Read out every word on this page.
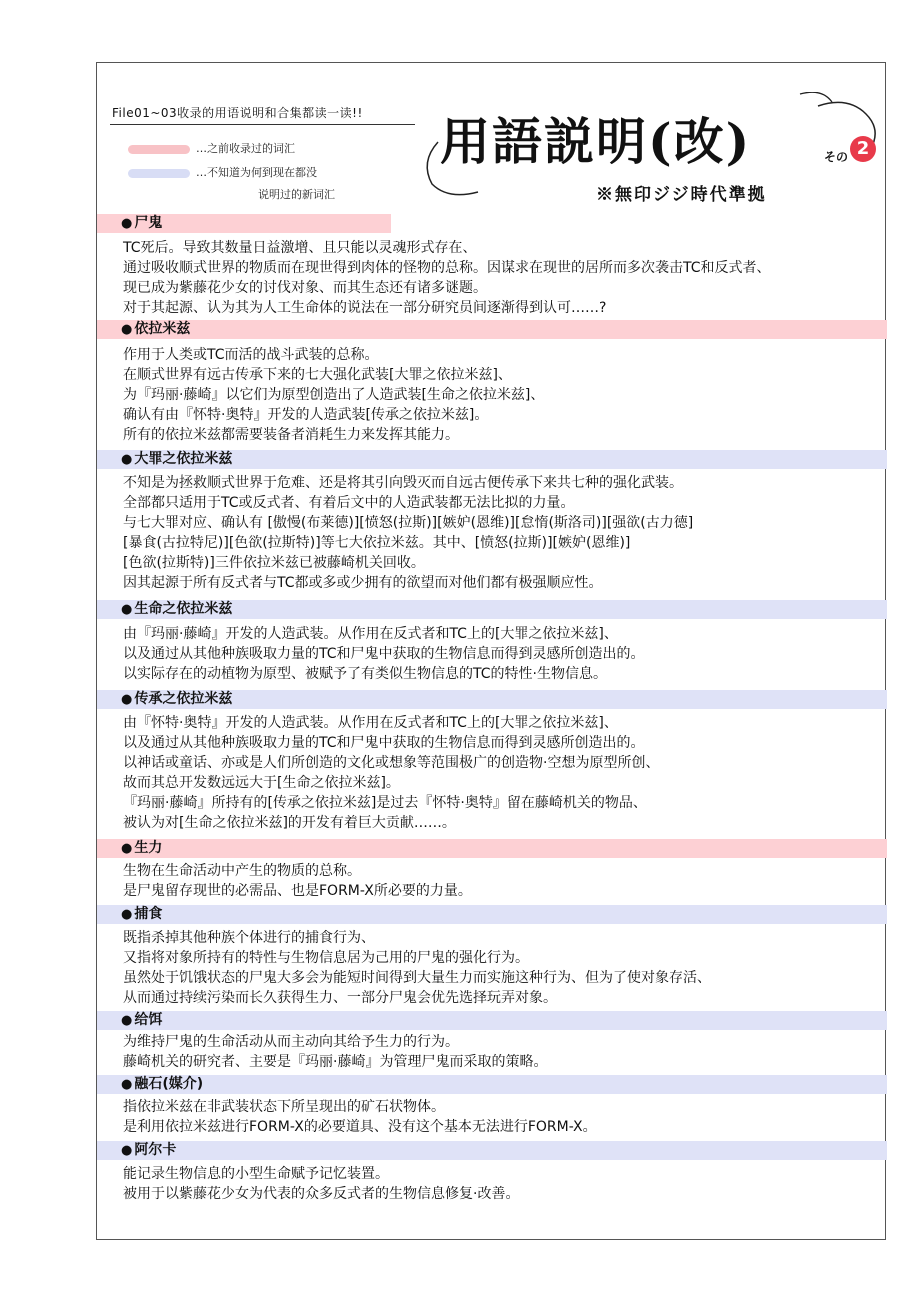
File01~03收录的用语说明和合集都读一读!!
…之前收录过的词汇
…不知道为何到现在都没
说明过的新词汇
用語説明(改)	その 2
※無印ジジ時代準拠
● 尸鬼

TC死后。导致其数量日益激增、且只能以灵魂形式存在、

通过吸收顺式世界的物质而在现世得到肉体的怪物的总称。因谋求在现世的居所而多次袭击TC和反式者、

现已成为紫藤花少女的讨伐对象、而其生态还有诸多谜题。

对于其起源、认为其为人工生命体的说法在一部分研究员间逐渐得到认可……?

● 依拉米兹

作用于人类或TC而活的战斗武装的总称。

在顺式世界有远古传承下来的七大强化武装[大罪之依拉米兹]、

为『玛丽·藤崎』以它们为原型创造出了人造武装[生命之依拉米兹]、

确认有由『怀特·奥特』开发的人造武装[传承之依拉米兹]。

所有的依拉米兹都需要装备者消耗生力来发挥其能力。

● 大罪之依拉米兹

不知是为拯救顺式世界于危难、还是将其引向毁灭而自远古便传承下来共七种的强化武装。

全部都只适用于TC或反式者、有着后文中的人造武装都无法比拟的力量。

与七大罪对应、确认有 [傲慢(布莱德)][愤怒(拉斯)][嫉妒(恩维)][怠惰(斯洛司)][强欲(古力德]

[暴食(古拉特尼)][色欲(拉斯特)]等七大依拉米兹。其中、[愤怒(拉斯)][嫉妒(恩维)]

[色欲(拉斯特)]三件依拉米兹已被藤崎机关回收。

因其起源于所有反式者与TC都或多或少拥有的欲望而对他们都有极强顺应性。

● 生命之依拉米兹

由『玛丽·藤崎』开发的人造武装。从作用在反式者和TC上的[大罪之依拉米兹]、

以及通过从其他种族吸取力量的TC和尸鬼中获取的生物信息而得到灵感所创造出的。

以实际存在的动植物为原型、被赋予了有类似生物信息的TC的特性·生物信息。

● 传承之依拉米兹

由『怀特·奥特』开发的人造武装。从作用在反式者和TC上的[大罪之依拉米兹]、

以及通过从其他种族吸取力量的TC和尸鬼中获取的生物信息而得到灵感所创造出的。

以神话或童话、亦或是人们所创造的文化或想象等范围极广的创造物·空想为原型所创、

故而其总开发数远远大于[生命之依拉米兹]。

『玛丽·藤崎』所持有的[传承之依拉米兹]是过去『怀特·奥特』留在藤崎机关的物品、

被认为对[生命之依拉米兹]的开发有着巨大贡献……。

● 生力

生物在生命活动中产生的物质的总称。

是尸鬼留存现世的必需品、也是FORM-X所必要的力量。

● 捕食

既指杀掉其他种族个体进行的捕食行为、

又指将对象所持有的特性与生物信息居为己用的尸鬼的强化行为。

虽然处于饥饿状态的尸鬼大多会为能短时间得到大量生力而实施这种行为、但为了使对象存活、

从而通过持续污染而长久获得生力、一部分尸鬼会优先选择玩弄对象。

● 给饵

为维持尸鬼的生命活动从而主动向其给予生力的行为。

藤崎机关的研究者、主要是『玛丽·藤崎』为管理尸鬼而采取的策略。

● 融石(媒介)

指依拉米兹在非武装状态下所呈现出的矿石状物体。

是利用依拉米兹进行FORM-X的必要道具、没有这个基本无法进行FORM-X。

● 阿尔卡

能记录生物信息的小型生命赋予记忆装置。

被用于以紫藤花少女为代表的众多反式者的生物信息修复·改善。
